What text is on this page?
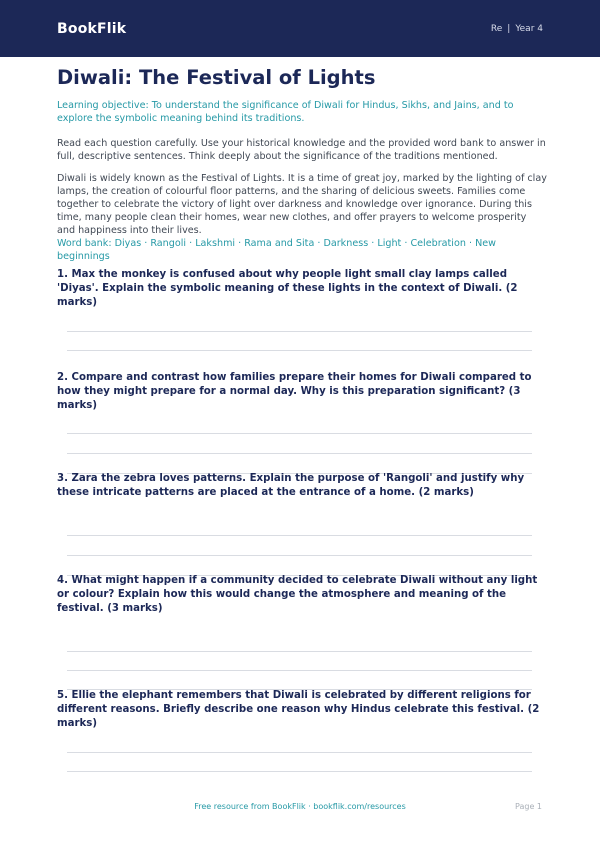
BookFlik	Re | Year 4
Diwali: The Festival of Lights

Learning objective: To understand the significance of Diwali for Hindus, Sikhs, and Jains, and to explore the symbolic meaning behind its traditions.

Read each question carefully. Use your historical knowledge and the provided word bank to answer in full, descriptive sentences. Think deeply about the significance of the traditions mentioned.

Diwali is widely known as the Festival of Lights. It is a time of great joy, marked by the lighting of clay lamps, the creation of colourful floor patterns, and the sharing of delicious sweets. Families come together to celebrate the victory of light over darkness and knowledge over ignorance. During this time, many people clean their homes, wear new clothes, and offer prayers to welcome prosperity and happiness into their lives.

Word bank: Diyas · Rangoli · Lakshmi · Rama and Sita · Darkness · Light · Celebration · New beginnings

1. Max the monkey is confused about why people light small clay lamps called 'Diyas'. Explain the symbolic meaning of these lights in the context of Diwali. (2 marks)

2. Compare and contrast how families prepare their homes for Diwali compared to how they might prepare for a normal day. Why is this preparation significant? (3 marks)

3. Zara the zebra loves patterns. Explain the purpose of 'Rangoli' and justify why these intricate patterns are placed at the entrance of a home. (2 marks)

4. What might happen if a community decided to celebrate Diwali without any light or colour? Explain how this would change the atmosphere and meaning of the festival. (3 marks)

5. Ellie the elephant remembers that Diwali is celebrated by different religions for different reasons. Briefly describe one reason why Hindus celebrate this festival. (2 marks)

Free resource from BookFlik · bookflik.com/resources	Page 1
